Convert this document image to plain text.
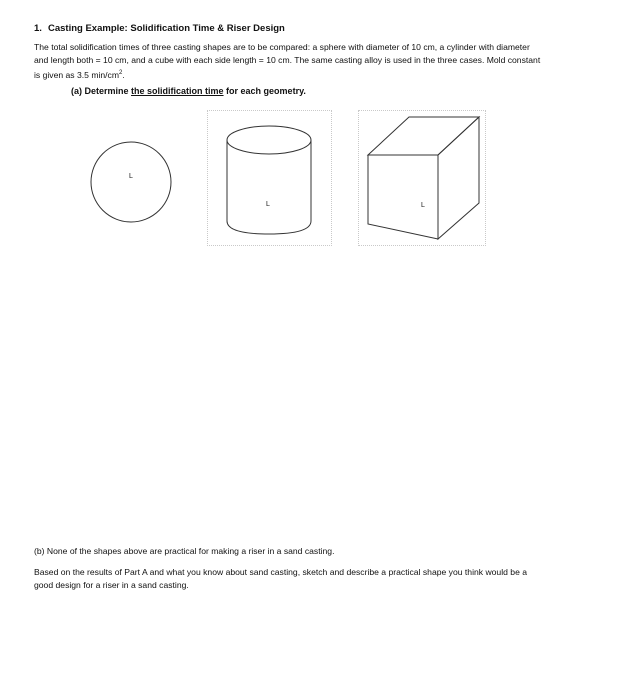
1. Casting Example: Solidification Time & Riser Design
The total solidification times of three casting shapes are to be compared: a sphere with diameter of 10 cm, a cylinder with diameter
and length both = 10 cm, and a cube with each side length = 10 cm. The same casting alloy is used in the three cases. Mold constant
is given as 3.5 $\min/cm^2$.
(a) Determine the solidification time for each geometry.
L
L	L
(b) None of the shapes above are practical for making a riser in a sand casting.
Based on the results of Part A and what you know about sand casting, sketch and describe a practical shape you think would be a
good design for a riser in a sand casting.
